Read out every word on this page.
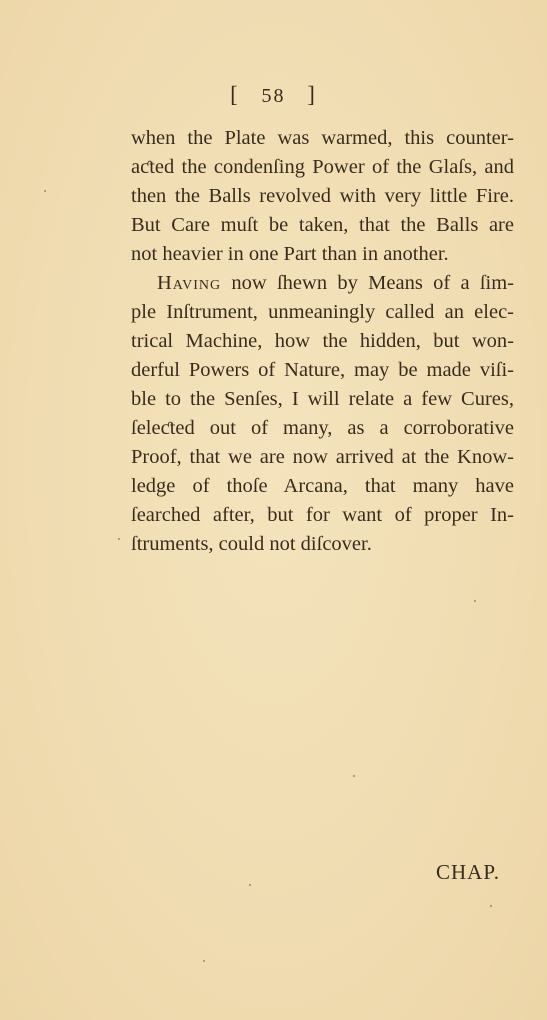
[ 58 ]
when the Plate was warmed, this counter-
aƈted the condenſing Power of the Glaſs, and
then the Balls revolved with very little Fire.
But Care muſt be taken, that the Balls are
not heavier in one Part than in another.
Having now ſhewn by Means of a ſim-
ple Inſtrument, unmeaningly called an elec-
trical Machine, how the hidden, but won-
derful Powers of Nature, may be made viſi-
ble to the Senſes, I will relate a few Cures,
ſeleƈted out of many, as a corroborative
Proof, that we are now arrived at the Know-
ledge of thoſe Arcana, that many have
ſearched after, but for want of proper In-
ſtruments, could not diſcover.
CHAP.
